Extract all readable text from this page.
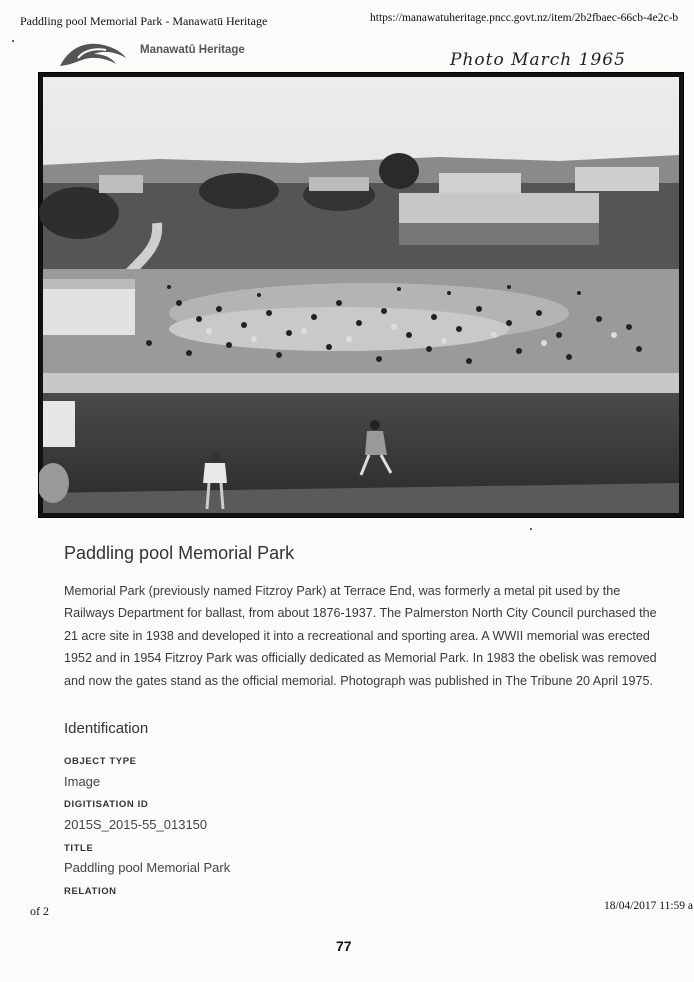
Paddling pool Memorial Park - Manawatū Heritage	https://manawatuheritage.pncc.govt.nz/item/2b2fbaec-66cb-4e2c-b
Manawatū Heritage	Photo March 1965
Paddling pool Memorial Park
Memorial Park (previously named Fitzroy Park) at Terrace End, was formerly a metal pit used by the Railways Department for ballast, from about 1876-1937. The Palmerston North City Council purchased the 21 acre site in 1938 and developed it into a recreational and sporting area. A WWII memorial was erected 1952 and in 1954 Fitzroy Park was officially dedicated as Memorial Park. In 1983 the obelisk was removed and now the gates stand as the official memorial. Photograph was published in The Tribune 20 April 1975.
Identification
OBJECT TYPE
Image
DIGITISATION ID
2015S_2015-55_013150
TITLE
Paddling pool Memorial Park
RELATION
of 2	18/04/2017 11:59 a
77
